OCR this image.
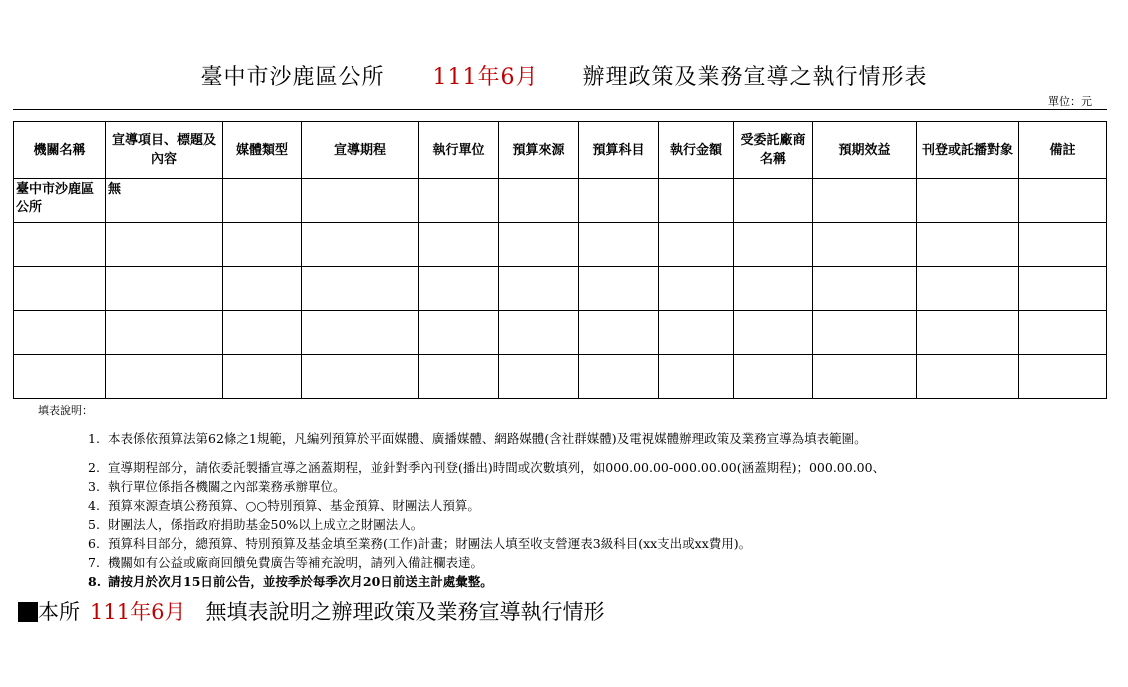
臺中市沙鹿區公所 111年6月 辦理政策及業務宣導之執行情形表
單位：元
機關名稱	宣導項目、標題及內容	媒體類型	宣導期程	執行單位	預算來源	預算科目	執行金額	受委託廠商名稱	預期效益	刊登或託播對象	備註
臺中市沙鹿區公所	無										

填表說明：
1. 本表係依預算法第62條之1規範，凡編列預算於平面媒體、廣播媒體、網路媒體(含社群媒體)及電視媒體辦理政策及業務宣導為填表範圍。
2. 宣導期程部分，請依委託製播宣導之涵蓋期程，並針對季內刊登(播出)時間或次數填列，如000.00.00-000.00.00(涵蓋期程)；000.00.00、
3. 執行單位係指各機關之內部業務承辦單位。
4. 預算來源查填公務預算、○○特別預算、基金預算、財團法人預算。
5. 財團法人，係指政府捐助基金50%以上成立之財團法人。
6. 預算科目部分，總預算、特別預算及基金填至業務(工作)計畫；財團法人填至收支營運表3級科目(xx支出或xx費用)。
7. 機關如有公益或廠商回饋免費廣告等補充說明，請列入備註欄表達。
8. 請按月於次月15日前公告，並按季於每季次月20日前送主計處彙整。
本所 111年6月 無填表說明之辦理政策及業務宣導執行情形
